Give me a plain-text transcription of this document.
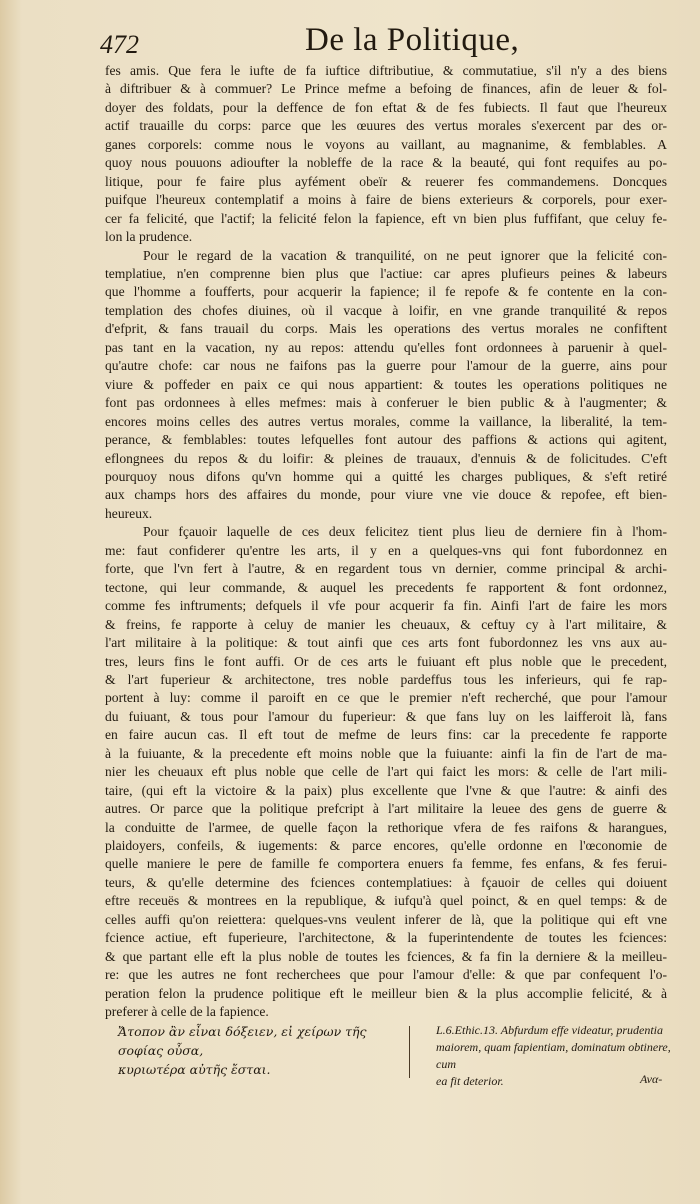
472	De la Politique,
fes amis. Que fera le iufte de fa iuftice diftributiue, & commutatiue, s'il n'y a des biens
à diftribuer & à commuer? Le Prince mefme a befoing de finances, afin de leuer & fol-
doyer des foldats, pour la deffence de fon eftat & de fes fubiects. Il faut que l'heureux
actif trauaille du corps: parce que les œuures des vertus morales s'exercent par des or-
ganes corporels: comme nous le voyons au vaillant, au magnanime, & femblables. A
quoy nous pouuons adioufter la nobleffe de la race & la beauté, qui font requifes au po-
litique, pour fe faire plus ayfément obeïr & reuerer fes commandemens. Doncques
puifque l'heureux contemplatif a moins à faire de biens exterieurs & corporels, pour exer-
cer fa felicité, que l'actif; la felicité felon la fapience, eft vn bien plus fuffifant, que celuy fe-
lon la prudence.
Pour le regard de la vacation & tranquilité, on ne peut ignorer que la felicité con-
templatiue, n'en comprenne bien plus que l'actiue: car apres plufieurs peines & labeurs
que l'homme a foufferts, pour acquerir la fapience; il fe repofe & fe contente en la con-
templation des chofes diuines, où il vacque à loifir, en vne grande tranquilité & repos
d'efprit, & fans trauail du corps. Mais les operations des vertus morales ne confiftent
pas tant en la vacation, ny au repos: attendu qu'elles font ordonnees à paruenir à quel-
qu'autre chofe: car nous ne faifons pas la guerre pour l'amour de la guerre, ains pour
viure & poffeder en paix ce qui nous appartient: & toutes les operations politiques ne
font pas ordonnees à elles mefmes: mais à conferuer le bien public & à l'augmenter; &
encores moins celles des autres vertus morales, comme la vaillance, la liberalité, la tem-
perance, & femblables: toutes lefquelles font autour des paffions & actions qui agitent,
eflongnees du repos & du loifir: & pleines de trauaux, d'ennuis & de folicitudes. C'eft
pourquoy nous difons qu'vn homme qui a quitté les charges publiques, & s'eft retiré
aux champs hors des affaires du monde, pour viure vne vie douce & repofee, eft bien-
heureux.
Pour fçauoir laquelle de ces deux felicitez tient plus lieu de derniere fin à l'hom-
me: faut confiderer qu'entre les arts, il y en a quelques-vns qui font fubordonnez en
forte, que l'vn fert à l'autre, & en regardent tous vn dernier, comme principal & archi-
tectone, qui leur commande, & auquel les precedents fe rapportent & font ordonnez,
comme fes inftruments; defquels il vfe pour acquerir fa fin. Ainfi l'art de faire les mors
& freins, fe rapporte à celuy de manier les cheuaux, & ceftuy cy à l'art militaire, &
l'art militaire à la politique: & tout ainfi que ces arts font fubordonnez les vns aux au-
tres, leurs fins le font auffi. Or de ces arts le fuiuant eft plus noble que le precedent,
& l'art fuperieur & architectone, tres noble pardeffus tous les inferieurs, qui fe rap-
portent à luy: comme il paroift en ce que le premier n'eft recherché, que pour l'amour
du fuiuant, & tous pour l'amour du fuperieur: & que fans luy on les laifferoit là, fans
en faire aucun cas. Il eft tout de mefme de leurs fins: car la precedente fe rapporte
à la fuiuante, & la precedente eft moins noble que la fuiuante: ainfi la fin de l'art de ma-
nier les cheuaux eft plus noble que celle de l'art qui faict les mors: & celle de l'art mili-
taire, (qui eft la victoire & la paix) plus excellente que l'vne & que l'autre: & ainfi des
autres. Or parce que la politique prefcript à l'art militaire la leuee des gens de guerre &
la conduitte de l'armee, de quelle façon la rethorique vfera de fes raifons & harangues,
plaidoyers, confeils, & iugements: & parce encores, qu'elle ordonne en l'œconomie de
quelle maniere le pere de famille fe comportera enuers fa femme, fes enfans, & fes ferui-
teurs, & qu'elle determine des fciences contemplatiues: à fçauoir de celles qui doiuent
eftre receuës & montrees en la republique, & iufqu'à quel poinct, & en quel temps: & de
celles auffi qu'on reiettera: quelques-vns veulent inferer de là, que la politique qui eft vne
fcience actiue, eft fuperieure, l'architectone, & la fuperintendente de toutes les fciences:
& que partant elle eft la plus noble de toutes les fciences, & fa fin la derniere & la meilleu-
re: que les autres ne font recherchees que pour l'amour d'elle: & que par confequent l'o-
peration felon la prudence politique eft le meilleur bien & la plus accomplie felicité, & à
preferer à celle de la fapience.
Ἄτοπον ἂν εἶναι δόξειεν, εἰ χείρων τῆς σοφίας οὖσα,
κυριωτέρα αὐτῆς ἔσται.
L.6.Ethic.13. Abfurdum effe videatur, prudentia
maiorem, quam fapientiam, dominatum obtinere, cum
ea fit deterior.	Ανα-
